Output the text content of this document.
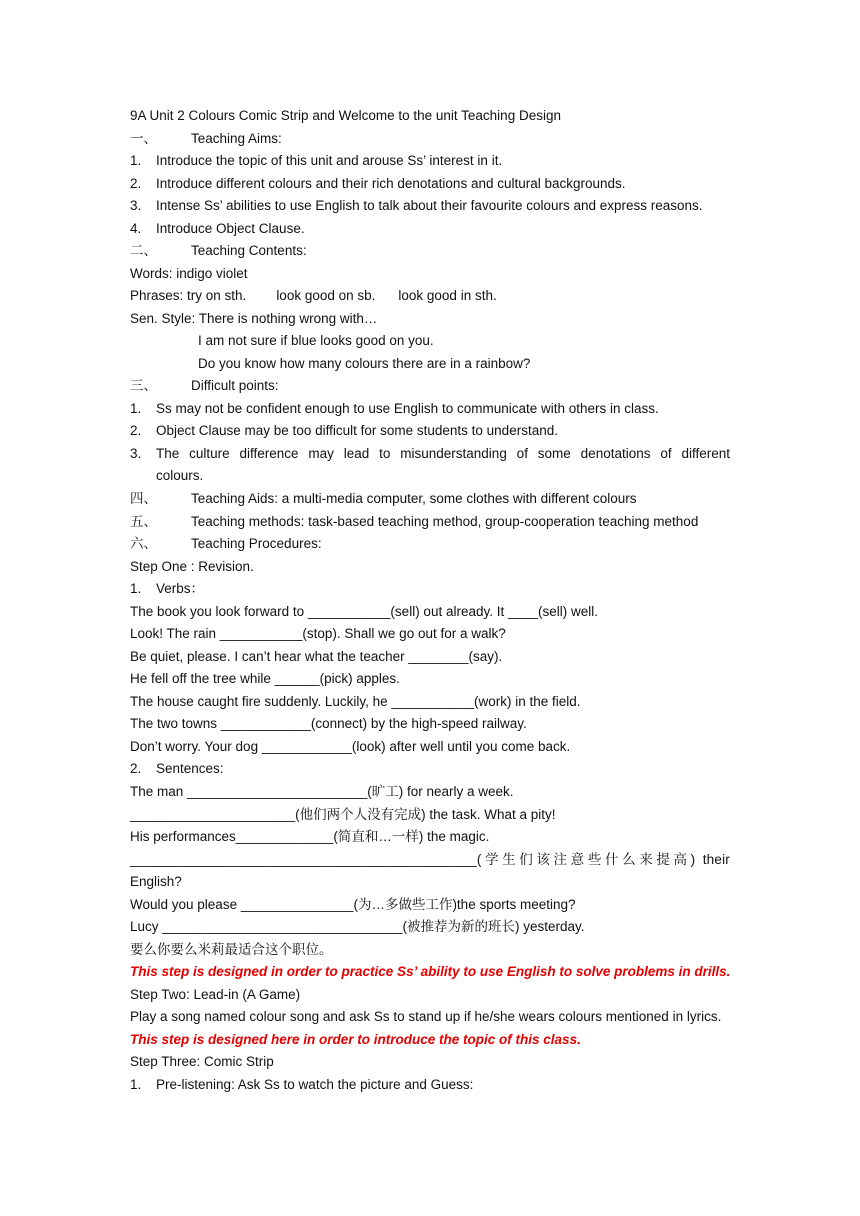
9A Unit 2 Colours Comic Strip and Welcome to the unit Teaching Design
一、	Teaching Aims:
1. Introduce the topic of this unit and arouse Ss’ interest in it.
2. Introduce different colours and their rich denotations and cultural backgrounds.
3. Intense Ss’ abilities to use English to talk about their favourite colours and express reasons.
4. Introduce Object Clause.
二、	Teaching Contents:
Words: indigo violet
Phrases: try on sth. look good on sb. look good in sth.
Sen. Style: There is nothing wrong with…
I am not sure if blue looks good on you.
Do you know how many colours there are in a rainbow?
三、	Difficult points:
1. Ss may not be confident enough to use English to communicate with others in class.
2. Object Clause may be too difficult for some students to understand.
3.	The culture difference may lead to misunderstanding of some denotations of different
colours.
四、	Teaching Aids: a multi-media computer, some clothes with different colours
五、	Teaching methods: task-based teaching method, group-cooperation teaching method
六、	Teaching Procedures:
Step One : Revision.
1. Verbs：
The book you look forward to ___________(sell) out already. It ____(sell) well.
Look! The rain ___________(stop). Shall we go out for a walk?
Be quiet, please. I can’t hear what the teacher ________(say).
He fell off the tree while ______(pick) apples.
The house caught fire suddenly. Luckily, he ___________(work) in the field.
The two towns ____________(connect) by the high-speed railway.
Don’t worry. Your dog ____________(look) after well until you come back.
2. Sentences:
The man ________________________(旷工) for nearly a week.
______________________(他们两个人没有完成) the task. What a pity!
His performances_____________(简直和…一样) the magic.
_____________________________________________(学生们该注意些什么来提高) their
English?
Would you please _______________(为…多做些工作)the sports meeting?
Lucy ________________________________(被推荐为新的班长) yesterday.
要么你要么米莉最适合这个职位。
This step is designed in order to practice Ss’ ability to use English to solve problems in drills.
Step Two: Lead-in (A Game)
Play a song named colour song and ask Ss to stand up if he/she wears colours mentioned in lyrics.
This step is designed here in order to introduce the topic of this class.
Step Three: Comic Strip
1. Pre-listening: Ask Ss to watch the picture and Guess:
